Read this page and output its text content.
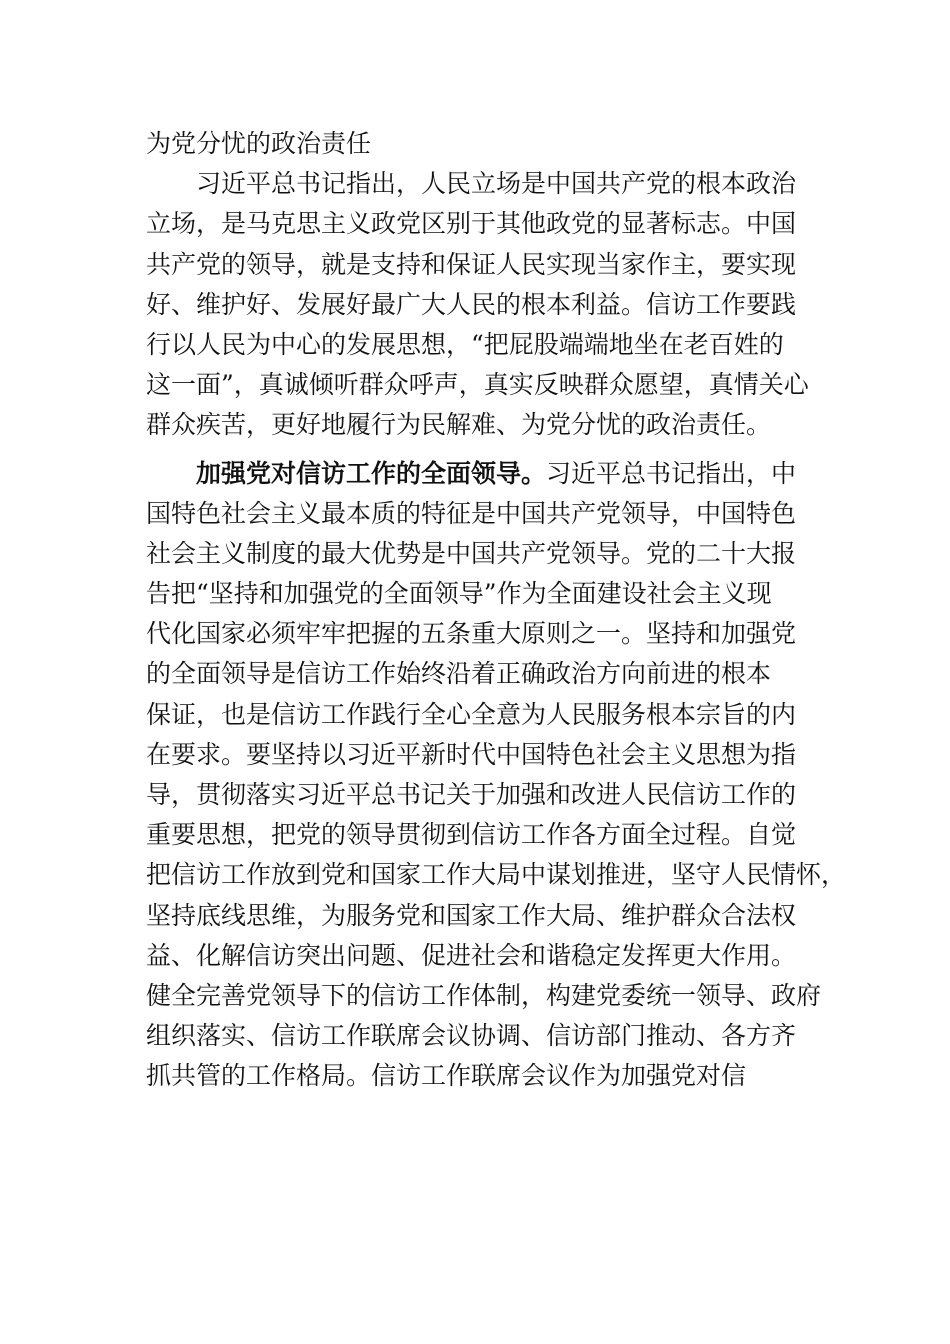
为党分忧的政治责任
习近平总书记指出，人民立场是中国共产党的根本政治
立场，是马克思主义政党区别于其他政党的显著标志。中国
共产党的领导，就是支持和保证人民实现当家作主，要实现
好、维护好、发展好最广大人民的根本利益。信访工作要践
行以人民为中心的发展思想，“把屁股端端地坐在老百姓的
这一面”，真诚倾听群众呼声，真实反映群众愿望，真情关心
群众疾苦，更好地履行为民解难、为党分忧的政治责任。
加强党对信访工作的全面领导。习近平总书记指出，中
国特色社会主义最本质的特征是中国共产党领导，中国特色
社会主义制度的最大优势是中国共产党领导。党的二十大报
告把“坚持和加强党的全面领导”作为全面建设社会主义现
代化国家必须牢牢把握的五条重大原则之一。坚持和加强党
的全面领导是信访工作始终沿着正确政治方向前进的根本
保证，也是信访工作践行全心全意为人民服务根本宗旨的内
在要求。要坚持以习近平新时代中国特色社会主义思想为指
导，贯彻落实习近平总书记关于加强和改进人民信访工作的
重要思想，把党的领导贯彻到信访工作各方面全过程。自觉
把信访工作放到党和国家工作大局中谋划推进，坚守人民情怀，
坚持底线思维，为服务党和国家工作大局、维护群众合法权
益、化解信访突出问题、促进社会和谐稳定发挥更大作用。
健全完善党领导下的信访工作体制，构建党委统一领导、政府
组织落实、信访工作联席会议协调、信访部门推动、各方齐
抓共管的工作格局。信访工作联席会议作为加强党对信
